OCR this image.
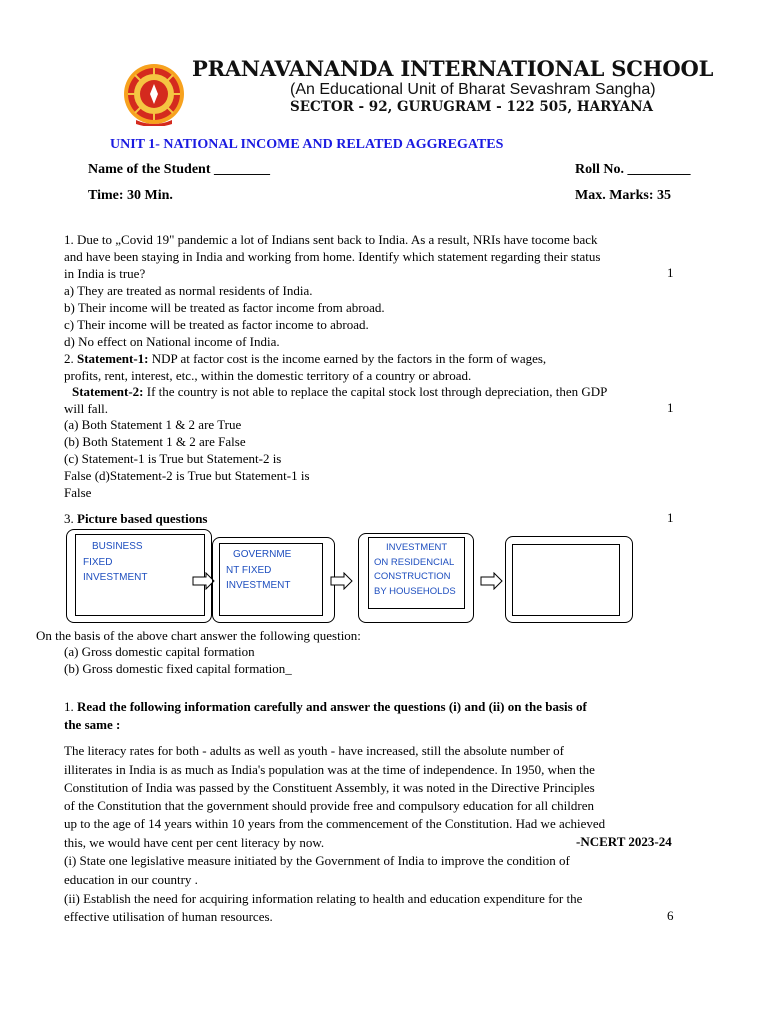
PRANAVANANDA INTERNATIONAL SCHOOL
(An Educational Unit of Bharat Sevashram Sangha)
SECTOR - 92, GURUGRAM - 122 505, HARYANA
UNIT 1- NATIONAL INCOME AND RELATED AGGREGATES
Name of the Student ________	Roll No. _________
Time: 30 Min.	Max. Marks: 35
1. Due to „Covid 19" pandemic a lot of Indians sent back to India. As a result, NRIs have tocome back
and have been staying in India and working from home. Identify which statement regarding their status
in India is true?	1
a) They are treated as normal residents of India.
b) Their income will be treated as factor income from abroad.
c) Their income will be treated as factor income to abroad.
d) No effect on National income of India.
2. Statement-1: NDP at factor cost is the income earned by the factors in the form of wages,
profits, rent, interest, etc., within the domestic territory of a country or abroad.
Statement-2: If the country is not able to replace the capital stock lost through depreciation, then GDP
will fall.	1
(a) Both Statement 1 & 2 are True
(b) Both Statement 1 & 2 are False
(c) Statement-1 is True but Statement-2 is
False (d)Statement-2 is True but Statement-1 is
False
3. Picture based questions	1
BUSINESS
FIXED
INVESTMENT
GOVERNME
NT FIXED
INVESTMENT
INVESTMENT
ON RESIDENCIAL
CONSTRUCTION
BY HOUSEHOLDS
On the basis of the above chart answer the following question:
(a) Gross domestic capital formation
(b) Gross domestic fixed capital formation_
1. Read the following information carefully and answer the questions (i) and (ii) on the basis of
the same :
The literacy rates for both - adults as well as youth - have increased, still the absolute number of
illiterates in India is as much as India's population was at the time of independence. In 1950, when the
Constitution of India was passed by the Constituent Assembly, it was noted in the Directive Principles
of the Constitution that the government should provide free and compulsory education for all children
up to the age of 14 years within 10 years from the commencement of the Constitution. Had we achieved
this, we would have cent per cent literacy by now.	-NCERT 2023-24
(i) State one legislative measure initiated by the Government of India to improve the condition of
education in our country .
(ii) Establish the need for acquiring information relating to health and education expenditure for the
effective utilisation of human resources.	6
